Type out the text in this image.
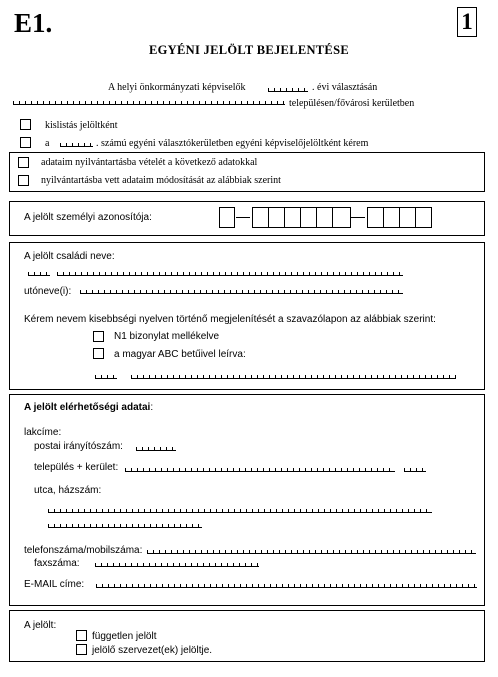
E1.	1
EGYÉNI JELÖLT BEJELENTÉSE
A helyi önkormányzati képviselők	. évi választásán
településen/fővárosi kerületben
kislistás jelöltként
a	. számú egyéni választókerületben egyéni képviselőjelöltként kérem
adataim nyilvántartásba vételét a következő adatokkal
nyilvántartásba vett adataim módosítását az alábbiak szerint
A jelölt személyi azonosítója:
A jelölt családi neve:
utóneve(i):
Kérem nevem kisebbségi nyelven történő megjelenítését a szavazólapon az alábbiak szerint:
N1 bizonylat mellékelve
a magyar ABC betűivel leírva:
A jelölt elérhetőségi adatai:
lakcíme:
postai irányítószám:
település + kerület:
utca, házszám:
telefonszáma/mobilszáma:
faxszáma:
E-MAIL címe:
A jelölt:
független jelölt
jelölő szervezet(ek) jelöltje.
